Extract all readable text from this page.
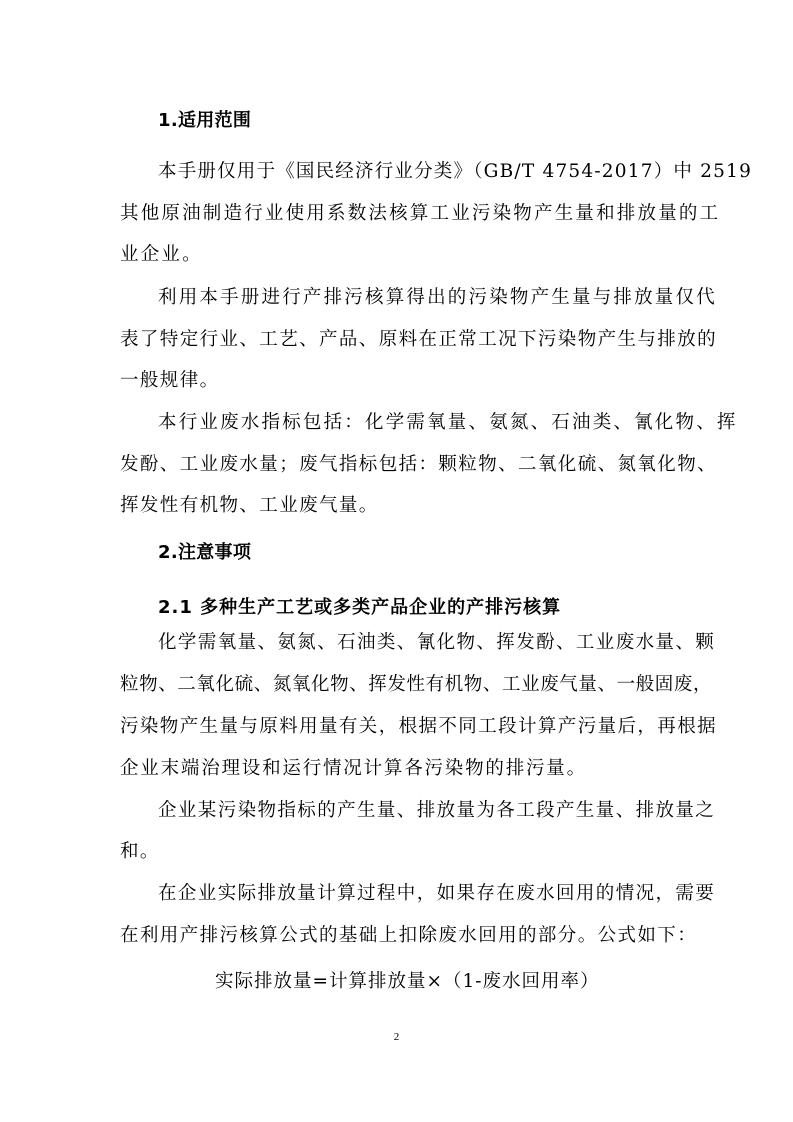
1.适用范围
本手册仅用于《国民经济行业分类》（GB/T 4754-2017）中 2519
其他原油制造行业使用系数法核算工业污染物产生量和排放量的工
业企业。
利用本手册进行产排污核算得出的污染物产生量与排放量仅代
表了特定行业、工艺、产品、原料在正常工况下污染物产生与排放的
一般规律。
本行业废水指标包括：化学需氧量、氨氮、石油类、氰化物、挥
发酚、工业废水量；废气指标包括：颗粒物、二氧化硫、氮氧化物、
挥发性有机物、工业废气量。
2.注意事项
2.1 多种生产工艺或多类产品企业的产排污核算
化学需氧量、氨氮、石油类、氰化物、挥发酚、工业废水量、颗
粒物、二氧化硫、氮氧化物、挥发性有机物、工业废气量、一般固废，
污染物产生量与原料用量有关，根据不同工段计算产污量后，再根据
企业末端治理设和运行情况计算各污染物的排污量。
企业某污染物指标的产生量、排放量为各工段产生量、排放量之
和。
在企业实际排放量计算过程中，如果存在废水回用的情况，需要
在利用产排污核算公式的基础上扣除废水回用的部分。公式如下：
实际排放量=计算排放量×（1-废水回用率）
2
